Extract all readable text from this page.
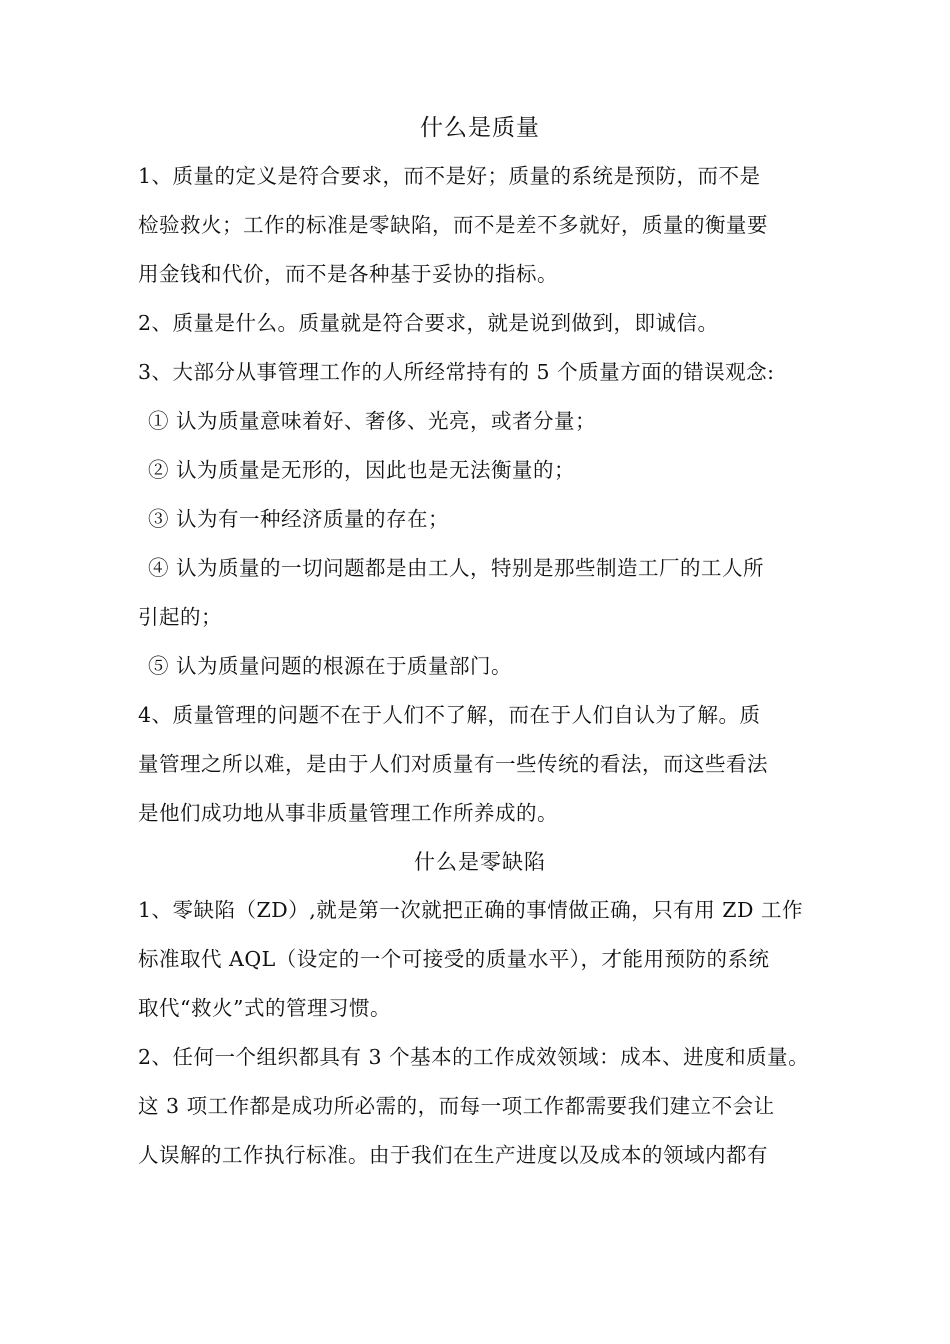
什么是质量

1、质量的定义是符合要求，而不是好；质量的系统是预防，而不是
检验救火；工作的标准是零缺陷，而不是差不多就好，质量的衡量要
用金钱和代价，而不是各种基于妥协的指标。

2、质量是什么。质量就是符合要求，就是说到做到，即诚信。

3、大部分从事管理工作的人所经常持有的 5 个质量方面的错误观念:

① 认为质量意味着好、奢侈、光亮，或者分量；

② 认为质量是无形的，因此也是无法衡量的；

③ 认为有一种经济质量的存在；

④ 认为质量的一切问题都是由工人，特别是那些制造工厂的工人所
引起的；

⑤ 认为质量问题的根源在于质量部门。

4、质量管理的问题不在于人们不了解，而在于人们自认为了解。质
量管理之所以难，是由于人们对质量有一些传统的看法，而这些看法
是他们成功地从事非质量管理工作所养成的。

什么是零缺陷

1、零缺陷（ZD）,就是第一次就把正确的事情做正确，只有用 ZD 工作
标准取代 AQL（设定的一个可接受的质量水平），才能用预防的系统
取代“救火”式的管理习惯。

2、任何一个组织都具有 3 个基本的工作成效领域：成本、进度和质量。
这 3 项工作都是成功所必需的，而每一项工作都需要我们建立不会让
人误解的工作执行标准。由于我们在生产进度以及成本的领域内都有
